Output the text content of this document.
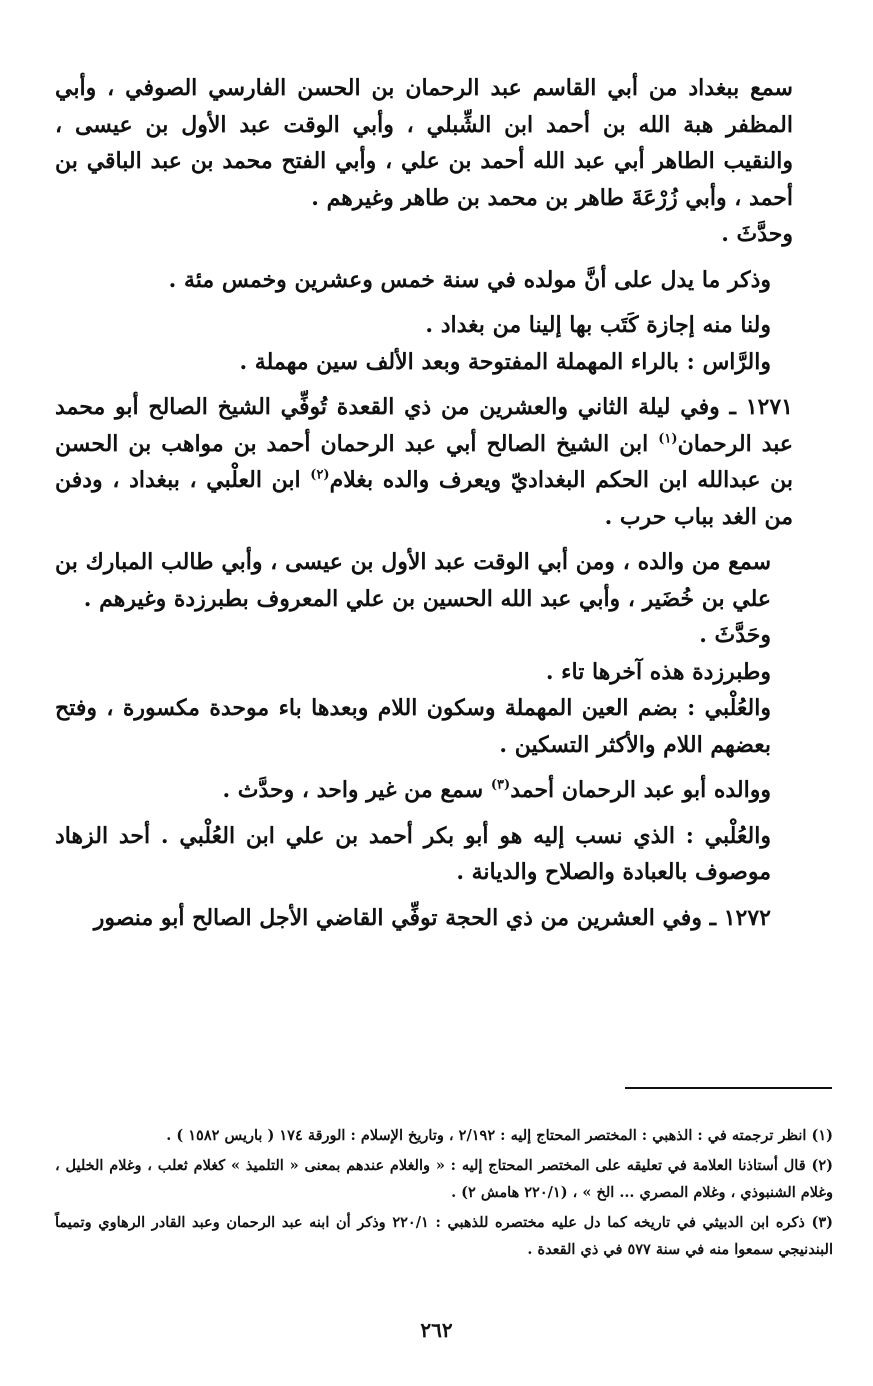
سمع ببغداد من أبي القاسم عبد الرحمان بن الحسن الفارسي الصوفي ، وأبي المظفر هبة الله بن أحمد ابن الشِّبلي ، وأبي الوقت عبد الأول بن عيسى ، والنقيب الطاهر أبي عبد الله أحمد بن علي ، وأبي الفتح محمد بن عبد الباقي بن أحمد ، وأبي زُرْعَةَ طاهر بن محمد بن طاهر وغيرهم .

وحدَّثَ .

وذكر ما يدل على أنَّ مولده في سنة خمس وعشرين وخمس مئة .

ولنا منه إجازة كَتَب بها إلينا من بغداد .

والرَّاس : بالراء المهملة المفتوحة وبعد الألف سين مهملة .

١٢٧١ ـ وفي ليلة الثاني والعشرين من ذي القعدة تُوفِّي الشيخ الصالح أبو محمد عبد الرحمان$^{(١)}$ ابن الشيخ الصالح أبي عبد الرحمان أحمد بن مواهب بن الحسن بن عبدالله ابن الحكم البغداديّ ويعرف والده بغلام$^{(٢)}$ ابن العلْبي ، ببغداد ، ودفن من الغد بباب حرب .

سمع من والده ، ومن أبي الوقت عبد الأول بن عيسى ، وأبي طالب المبارك بن علي بن خُضَير ، وأبي عبد الله الحسين بن علي المعروف بطبرزدة وغيرهم .

وحَدَّثَ .

وطبرزدة هذه آخرها تاء .

والعُلْبي : بضم العين المهملة وسكون اللام وبعدها باء موحدة مكسورة ، وفتح بعضهم اللام والأكثر التسكين .

ووالده أبو عبد الرحمان أحمد$^{(٣)}$ سمع من غير واحد ، وحدَّث .

والعُلْبي : الذي نسب إليه هو أبو بكر أحمد بن علي ابن العُلْبي . أحد الزهاد موصوف بالعبادة والصلاح والديانة .

١٢٧٢ ـ وفي العشرين من ذي الحجة توفِّي القاضي الأجل الصالح أبو منصور

(١) انظر ترجمته في : الذهبي : المختصر المحتاج إليه : ٢/١٩٢ ، وتاريخ الإسلام : الورقة ١٧٤ ( باريس ١٥٨٢ ) .

(٢) قال أستاذنا العلامة في تعليقه على المختصر المحتاج إليه : « والغلام عندهم بمعنى « التلميذ » كغلام ثعلب ، وغلام الخليل ، وغلام الشنبوذي ، وغلام المصري ... الخ » ، (٢٢٠/١ هامش ٢) .

(٣) ذكره ابن الدبيثي في تاريخه كما دل عليه مختصره للذهبي : ٢٢٠/١ وذكر أن ابنه عبد الرحمان وعبد القادر الرهاوي وتميماً البندنيجي سمعوا منه في سنة ٥٧٧ في ذي القعدة .

٢٦٢
